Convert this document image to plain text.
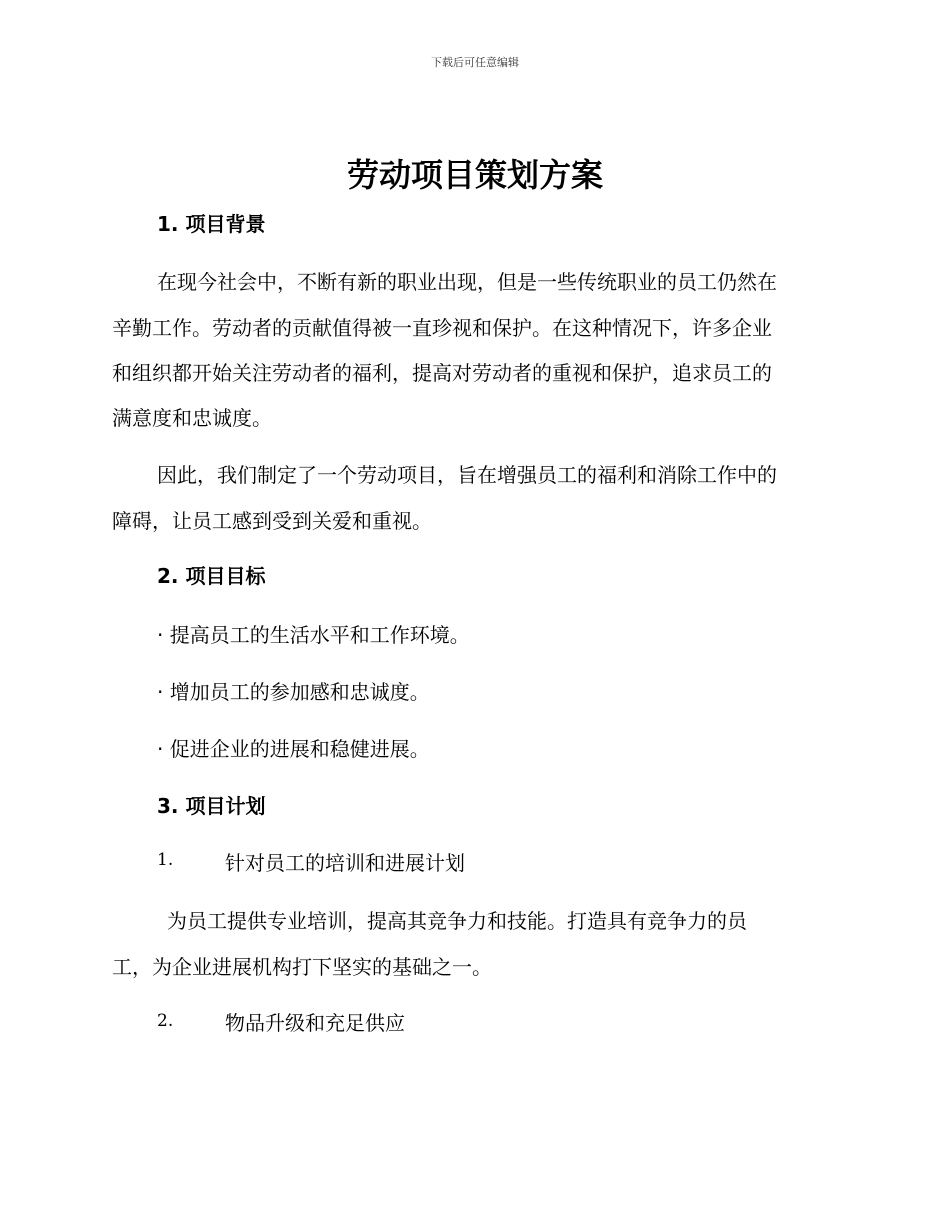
下载后可任意编辑
劳动项目策划方案
1. 项目背景
在现今社会中，不断有新的职业出现，但是一些传统职业的员工仍然在
辛勤工作。劳动者的贡献值得被一直珍视和保护。在这种情况下，许多企业
和组织都开始关注劳动者的福利，提高对劳动者的重视和保护，追求员工的
满意度和忠诚度。
因此，我们制定了一个劳动项目，旨在增强员工的福利和消除工作中的
障碍，让员工感到受到关爱和重视。
2. 项目目标
· 提高员工的生活水平和工作环境。
· 增加员工的参加感和忠诚度。
· 促进企业的进展和稳健进展。
3. 项目计划
1.	针对员工的培训和进展计划
为员工提供专业培训，提高其竞争力和技能。打造具有竞争力的员
工，为企业进展机构打下坚实的基础之一。
2.	物品升级和充足供应
